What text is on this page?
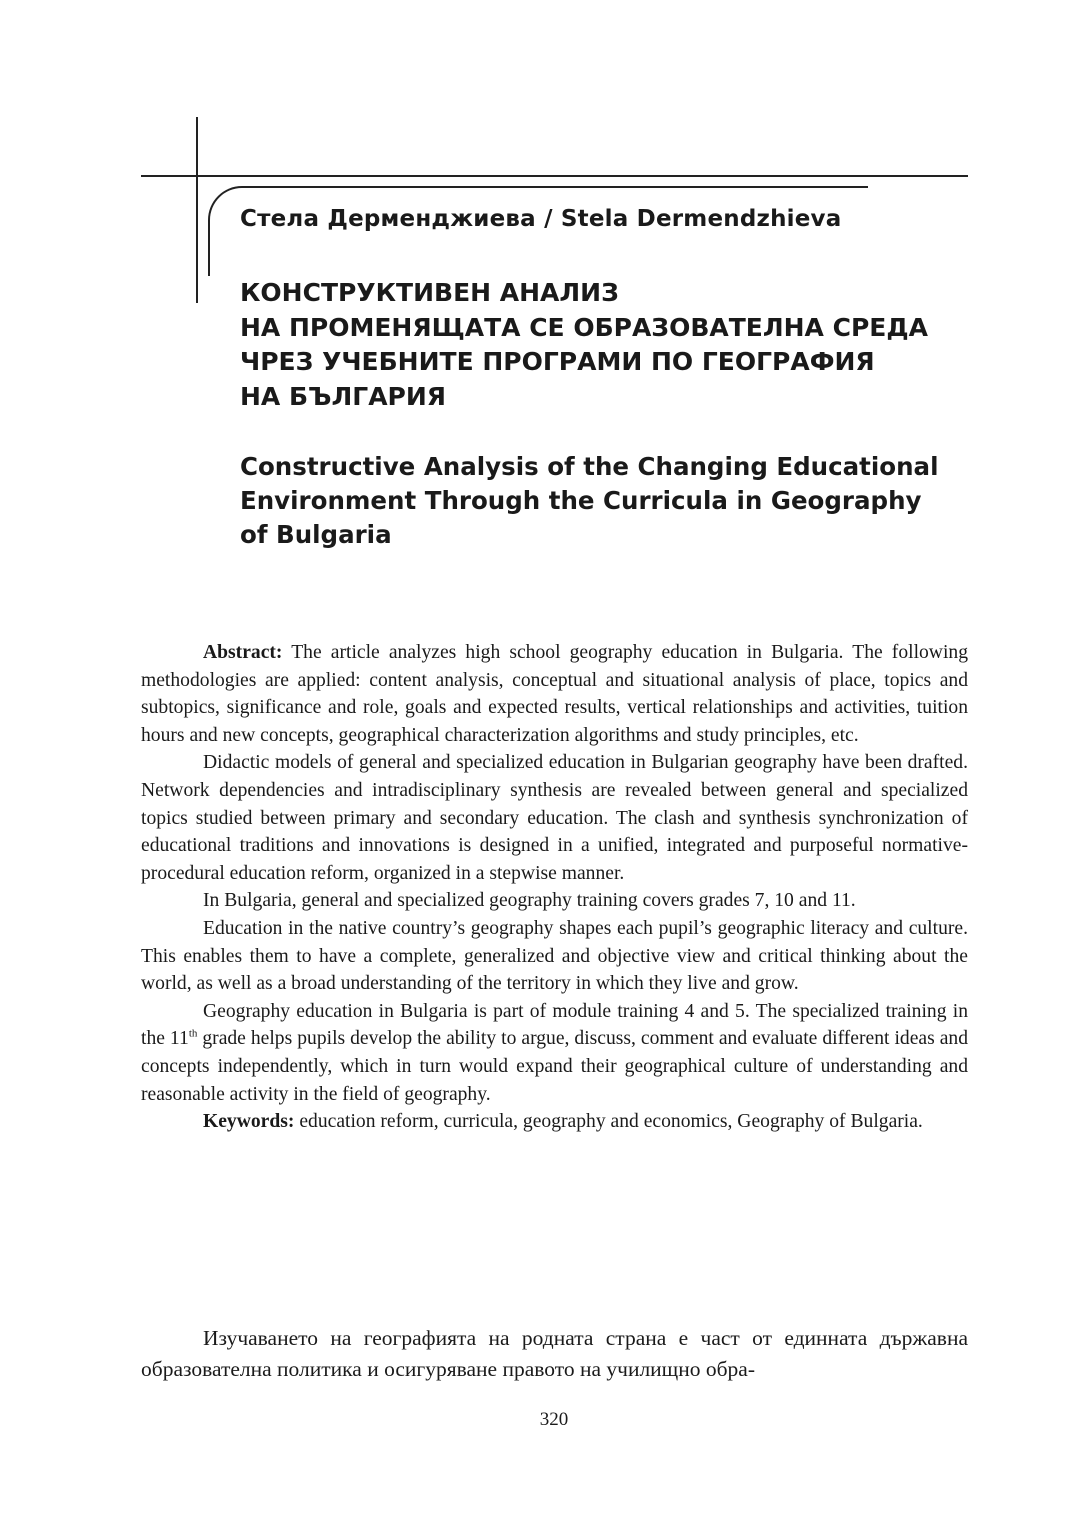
Стела Дерменджиева / Stela Dermendzhieva
КОНСТРУКТИВЕН АНАЛИЗ
НА ПРОМЕНЯЩАТА СЕ ОБРАЗОВАТЕЛНА СРЕДА
ЧРЕЗ УЧЕБНИТЕ ПРОГРАМИ ПО ГЕОГРАФИЯ
НА БЪЛГАРИЯ
Constructive Analysis of the Changing Educational
Environment Through the Curricula in Geography
of Bulgaria

Abstract: The article analyzes high school geography education in Bulgaria. The following methodologies are applied: content analysis, conceptual and situational analysis of place, topics and subtopics, significance and role, goals and expected results, vertical relationships and activities, tuition hours and new concepts, geographical characterization algorithms and study principles, etc.

Didactic models of general and specialized education in Bulgarian geography have been drafted. Network dependencies and intradisciplinary synthesis are revealed between general and specialized topics studied between primary and secondary education. The clash and synthesis synchronization of educational traditions and innovations is designed in a unified, integrated and purposeful normative-procedural education reform, organized in a stepwise manner.

In Bulgaria, general and specialized geography training covers grades 7, 10 and 11.

Education in the native country’s geography shapes each pupil’s geographic literacy and culture. This enables them to have a complete, generalized and objective view and critical thinking about the world, as well as a broad understanding of the territory in which they live and grow.

Geography education in Bulgaria is part of module training 4 and 5. The specialized training in the 11th grade helps pupils develop the ability to argue, discuss, comment and evaluate different ideas and concepts independently, which in turn would expand their geographical culture of understanding and reasonable activity in the field of geography.

Keywords: education reform, curricula, geography and economics, Geography of Bulgaria.

Изучаването на географията на родната страна е част от единната държавна образователна политика и осигуряване правото на училищно обра-

320
